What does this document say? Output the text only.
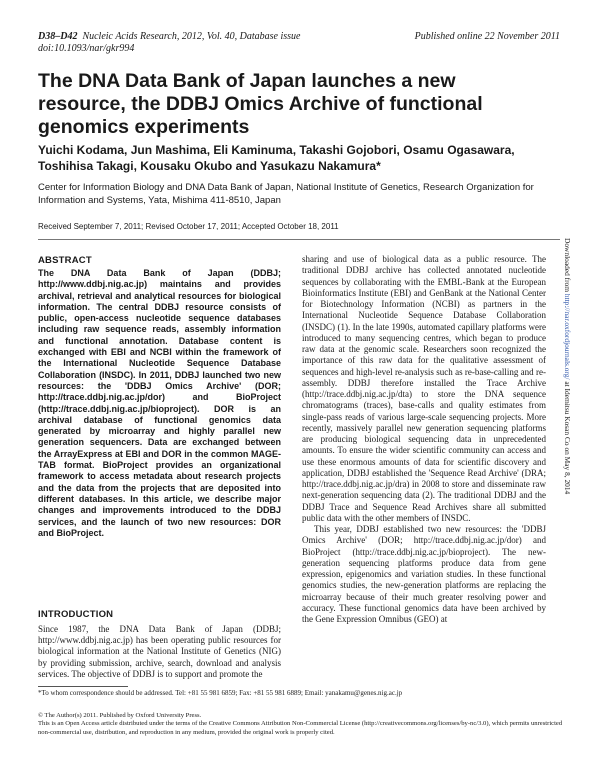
D38–D42 Nucleic Acids Research, 2012, Vol. 40, Database issue
doi:10.1093/nar/gkr994
Published online 22 November 2011
The DNA Data Bank of Japan launches a new resource, the DDBJ Omics Archive of functional genomics experiments
Yuichi Kodama, Jun Mashima, Eli Kaminuma, Takashi Gojobori, Osamu Ogasawara, Toshihisa Takagi, Kousaku Okubo and Yasukazu Nakamura*
Center for Information Biology and DNA Data Bank of Japan, National Institute of Genetics, Research Organization for Information and Systems, Yata, Mishima 411-8510, Japan
Received September 7, 2011; Revised October 17, 2011; Accepted October 18, 2011
ABSTRACT
The DNA Data Bank of Japan (DDBJ; http://www.ddbj.nig.ac.jp) maintains and provides archival, retrieval and analytical resources for biological information. The central DDBJ resource consists of public, open-access nucleotide sequence databases including raw sequence reads, assembly information and functional annotation. Database content is exchanged with EBI and NCBI within the framework of the International Nucleotide Sequence Database Collaboration (INSDC). In 2011, DDBJ launched two new resources: the 'DDBJ Omics Archive' (DOR; http://trace.ddbj.nig.ac.jp/dor) and BioProject (http://trace.ddbj.nig.ac.jp/bioproject). DOR is an archival database of functional genomics data generated by microarray and highly parallel new generation sequencers. Data are exchanged between the ArrayExpress at EBI and DOR in the common MAGE-TAB format. BioProject provides an organizational framework to access metadata about research projects and the data from the projects that are deposited into different databases. In this article, we describe major changes and improvements introduced to the DDBJ services, and the launch of two new resources: DOR and BioProject.
INTRODUCTION
Since 1987, the DNA Data Bank of Japan (DDBJ; http://www.ddbj.nig.ac.jp) has been operating public resources for biological information at the National Institute of Genetics (NIG) by providing submission, archive, search, download and analysis services. The objective of DDBJ is to support and promote the

sharing and use of biological data as a public resource. The traditional DDBJ archive has collected annotated nucleotide sequences by collaborating with the EMBL-Bank at the European Bioinformatics Institute (EBI) and GenBank at the National Center for Biotechnology Information (NCBI) as partners in the International Nucleotide Sequence Database Collaboration (INSDC) (1). In the late 1990s, automated capillary platforms were introduced to many sequencing centres, which began to produce raw data at the genomic scale. Researchers soon recognized the importance of this raw data for the qualitative assessment of sequences and high-level re-analysis such as re-base-calling and re-assembly. DDBJ therefore installed the Trace Archive (http://trace.ddbj.nig.ac.jp/dta) to store the DNA sequence chromatograms (traces), base-calls and quality estimates from single-pass reads of various large-scale sequencing projects. More recently, massively parallel new generation sequencing platforms are producing biological sequencing data in unprecedented amounts. To ensure the wider scientific community can access and use these enormous amounts of data for scientific discovery and application, DDBJ established the 'Sequence Read Archive' (DRA; http://trace.ddbj.nig.ac.jp/dra) in 2008 to store and disseminate raw next-generation sequencing data (2). The traditional DDBJ and the DDBJ Trace and Sequence Read Archives share all submitted public data with the other members of INSDC.

This year, DDBJ established two new resources: the 'DDBJ Omics Archive' (DOR; http://trace.ddbj.nig.ac.jp/dor) and BioProject (http://trace.ddbj.nig.ac.jp/bioproject). The new-generation sequencing platforms produce data from gene expression, epigenomics and variation studies. In these functional genomics studies, the new-generation platforms are replacing the microarray because of their much greater resolving power and accuracy. These functional genomics data have been archived by the Gene Expression Omnibus (GEO) at

*To whom correspondence should be addressed. Tel: +81 55 981 6859; Fax: +81 55 981 6889; Email: yanakamu@genes.nig.ac.jp
© The Author(s) 2011. Published by Oxford University Press.
This is an Open Access article distributed under the terms of the Creative Commons Attribution Non-Commercial License (http://creativecommons.org/licenses/by-nc/3.0), which permits unrestricted non-commercial use, distribution, and reproduction in any medium, provided the original work is properly cited.
Downloaded from http://nar.oxfordjournals.org/ at Idemitsu Kosan Co on May 8, 2014
